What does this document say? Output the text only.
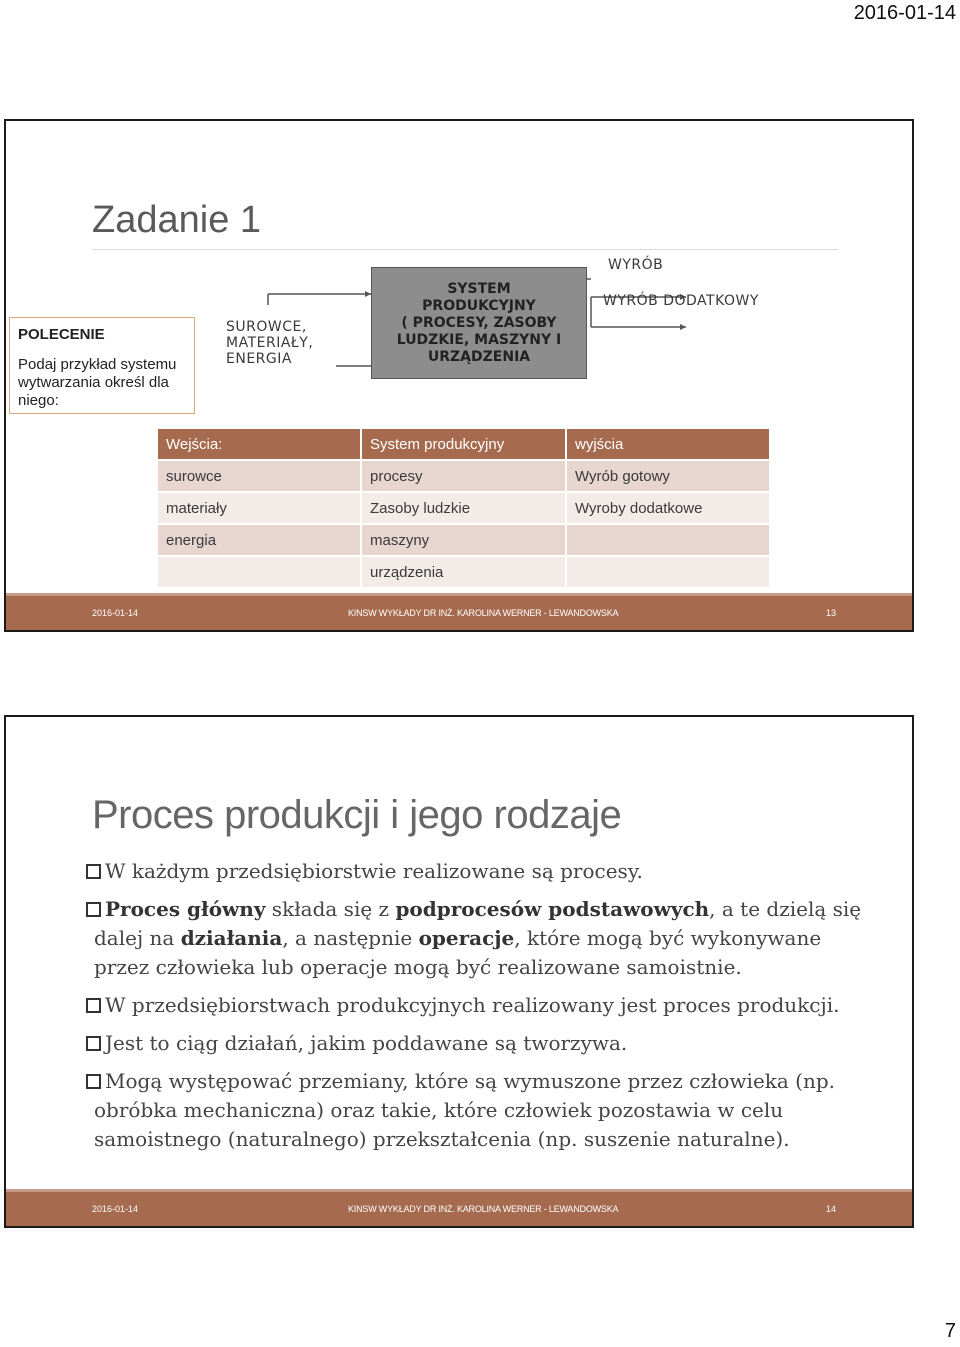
2016-01-14
Zadanie 1
POLECENIE
Podaj przykład systemu wytwarzania określ dla niego:
SUROWCE,
MATERIAŁY,
ENERGIA
SYSTEM
PRODUKCYJNY
( PROCESY, ZASOBY
LUDZKIE, MASZYNY I
URZĄDZENIA
WYRÓB
WYRÓB DODATKOWY
Wejścia:	System produkcyjny	wyjścia
surowce	procesy	Wyrób gotowy
materiały	Zasoby ludzkie	Wyroby dodatkowe
energia	maszyny	
	urządzenia	
2016-01-14	KINSW WYKŁADY DR INŻ. KAROLINA WERNER - LEWANDOWSKA	13
Proces produkcji i jego rodzaje
W każdym przedsiębiorstwie realizowane są procesy.
Proces główny składa się z podprocesów podstawowych, a te dzielą się
dalej na działania, a następnie operacje, które mogą być wykonywane
przez człowieka lub operacje mogą być realizowane samoistnie.
W przedsiębiorstwach produkcyjnych realizowany jest proces produkcji.
Jest to ciąg działań, jakim poddawane są tworzywa.
Mogą występować przemiany, które są wymuszone przez człowieka (np.
obróbka mechaniczna) oraz takie, które człowiek pozostawia w celu
samoistnego (naturalnego) przekształcenia (np. suszenie naturalne).
2016-01-14	KINSW WYKŁADY DR INŻ. KAROLINA WERNER - LEWANDOWSKA	14
7
